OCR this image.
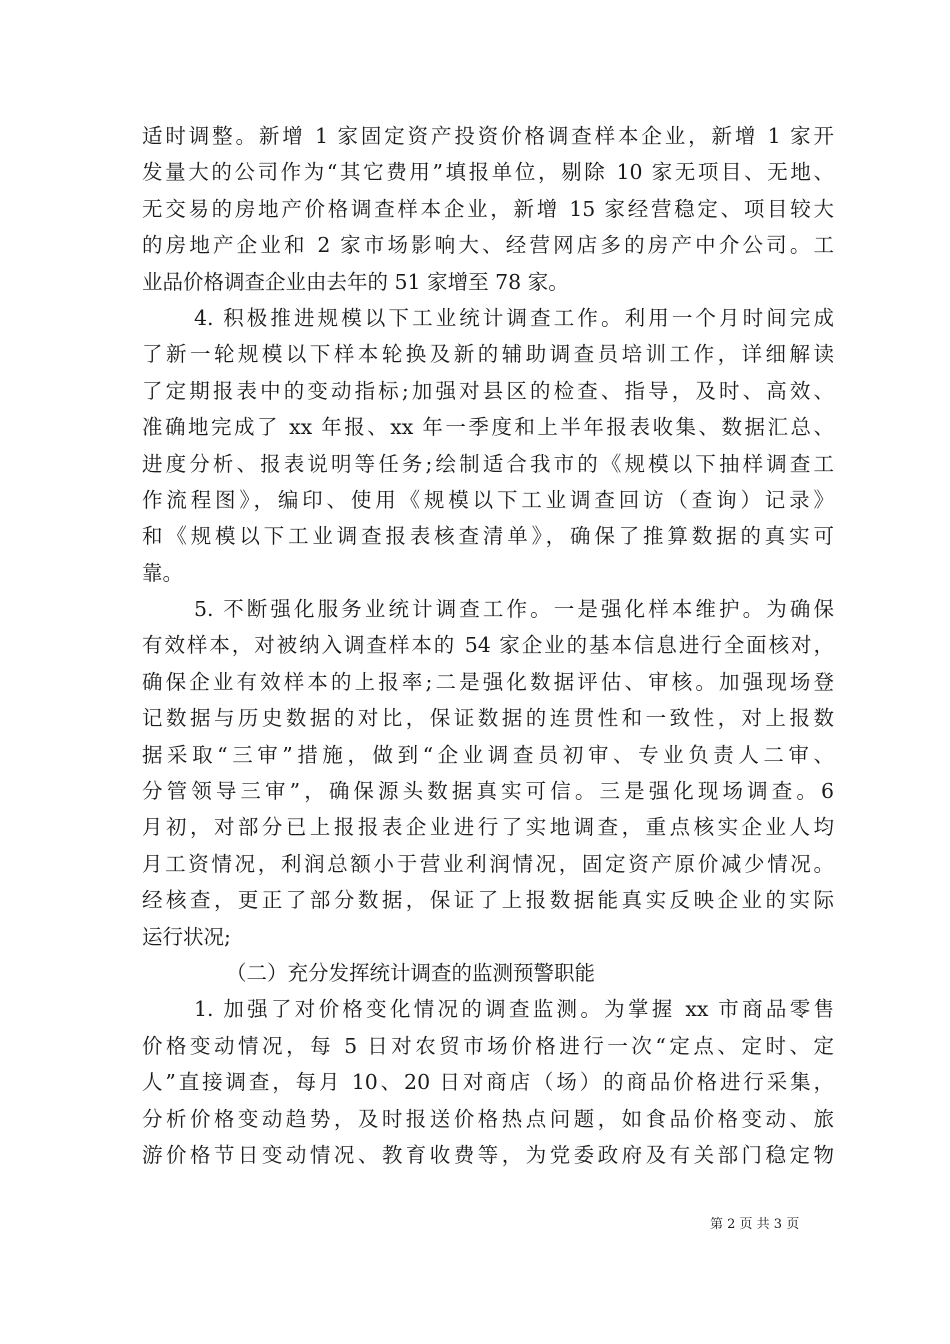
适时调整。新增 1 家固定资产投资价格调查样本企业，新增 1 家开
发量大的公司作为“其它费用”填报单位，剔除 10 家无项目、无地、
无交易的房地产价格调查样本企业，新增 15 家经营稳定、项目较大
的房地产企业和 2 家市场影响大、经营网店多的房产中介公司。工
业品价格调查企业由去年的 51 家增至 78 家。
4. 积极推进规模以下工业统计调查工作。利用一个月时间完成
了新一轮规模以下样本轮换及新的辅助调查员培训工作，详细解读
了定期报表中的变动指标;加强对县区的检查、指导，及时、高效、
准确地完成了 xx 年报、xx 年一季度和上半年报表收集、数据汇总、
进度分析、报表说明等任务;绘制适合我市的《规模以下抽样调查工
作流程图》，编印、使用《规模以下工业调查回访（查询）记录》
和《规模以下工业调查报表核查清单》，确保了推算数据的真实可
靠。
5. 不断强化服务业统计调查工作。一是强化样本维护。为确保
有效样本，对被纳入调查样本的 54 家企业的基本信息进行全面核对，
确保企业有效样本的上报率;二是强化数据评估、审核。加强现场登
记数据与历史数据的对比，保证数据的连贯性和一致性，对上报数
据采取“三审”措施，做到“企业调查员初审、专业负责人二审、
分管领导三审”，确保源头数据真实可信。三是强化现场调查。6
月初，对部分已上报报表企业进行了实地调查，重点核实企业人均
月工资情况，利润总额小于营业利润情况，固定资产原价减少情况。
经核查，更正了部分数据，保证了上报数据能真实反映企业的实际
运行状况;
（二）充分发挥统计调查的监测预警职能
1. 加强了对价格变化情况的调查监测。为掌握 xx 市商品零售
价格变动情况，每 5 日对农贸市场价格进行一次“定点、定时、定
人”直接调查，每月 10、20 日对商店（场）的商品价格进行采集，
分析价格变动趋势，及时报送价格热点问题，如食品价格变动、旅
游价格节日变动情况、教育收费等，为党委政府及有关部门稳定物
第 2 页 共 3 页
